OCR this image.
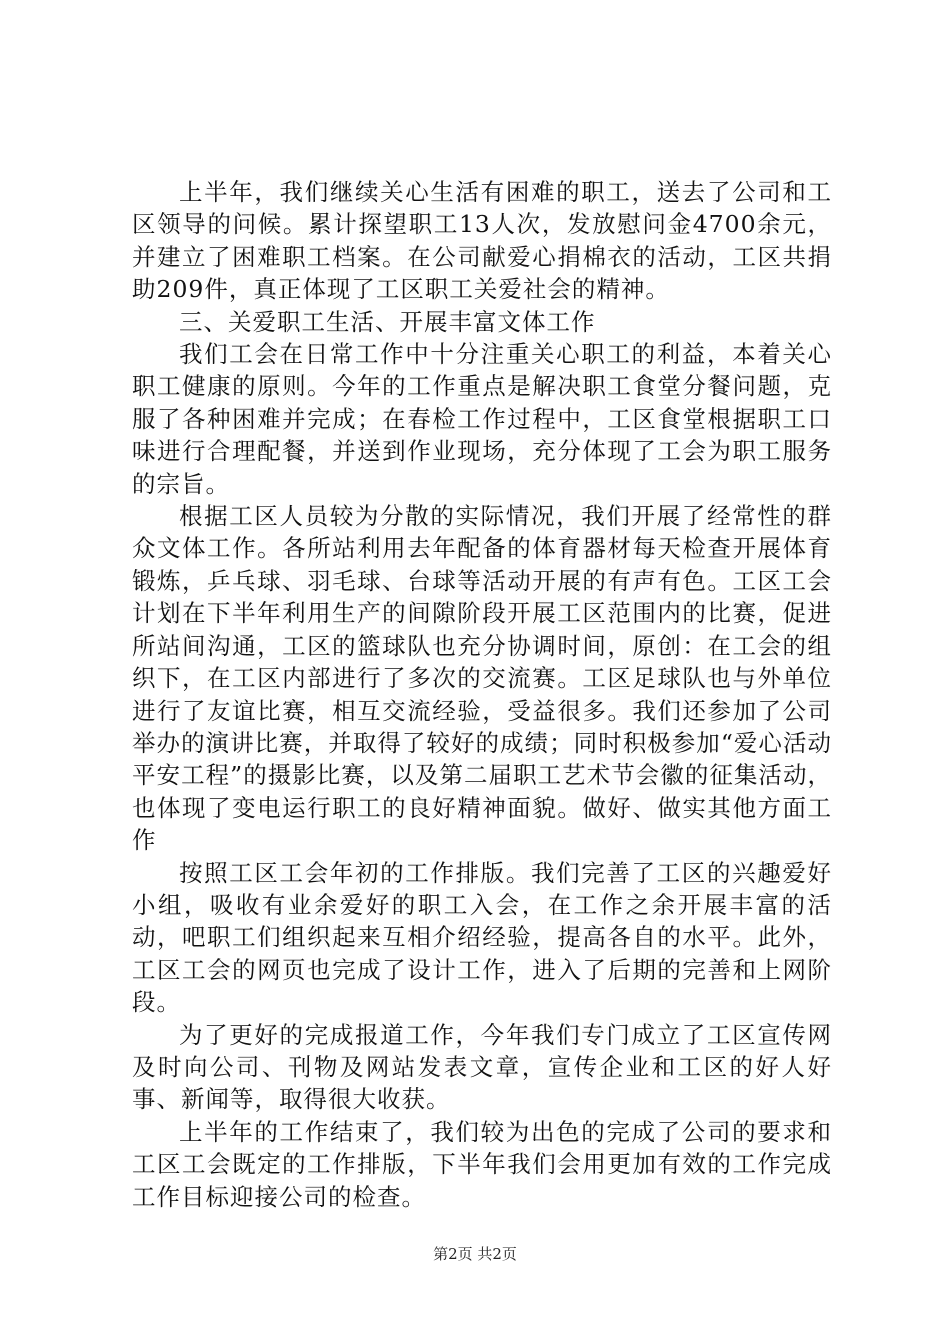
上半年，我们继续关心生活有困难的职工，送去了公司和工区领导的问候。累计探望职工13人次，发放慰问金4700余元，并建立了困难职工档案。在公司献爱心捐棉衣的活动，工区共捐助209件，真正体现了工区职工关爱社会的精神。

三、关爱职工生活、开展丰富文体工作

我们工会在日常工作中十分注重关心职工的利益，本着关心职工健康的原则。今年的工作重点是解决职工食堂分餐问题，克服了各种困难并完成；在春检工作过程中，工区食堂根据职工口味进行合理配餐，并送到作业现场，充分体现了工会为职工服务的宗旨。

根据工区人员较为分散的实际情况，我们开展了经常性的群众文体工作。各所站利用去年配备的体育器材每天检查开展体育锻炼，乒乓球、羽毛球、台球等活动开展的有声有色。工区工会计划在下半年利用生产的间隙阶段开展工区范围内的比赛，促进所站间沟通，工区的篮球队也充分协调时间，原创：在工会的组织下，在工区内部进行了多次的交流赛。工区足球队也与外单位进行了友谊比赛，相互交流经验，受益很多。我们还参加了公司举办的演讲比赛，并取得了较好的成绩；同时积极参加“爱心活动平安工程”的摄影比赛，以及第二届职工艺术节会徽的征集活动，也体现了变电运行职工的良好精神面貌。做好、做实其他方面工作

按照工区工会年初的工作排版。我们完善了工区的兴趣爱好小组，吸收有业余爱好的职工入会，在工作之余开展丰富的活动，吧职工们组织起来互相介绍经验，提高各自的水平。此外，工区工会的网页也完成了设计工作，进入了后期的完善和上网阶段。

为了更好的完成报道工作，今年我们专门成立了工区宣传网及时向公司、刊物及网站发表文章，宣传企业和工区的好人好事、新闻等，取得很大收获。

上半年的工作结束了，我们较为出色的完成了公司的要求和工区工会既定的工作排版，下半年我们会用更加有效的工作完成工作目标迎接公司的检查。

第2页 共2页
